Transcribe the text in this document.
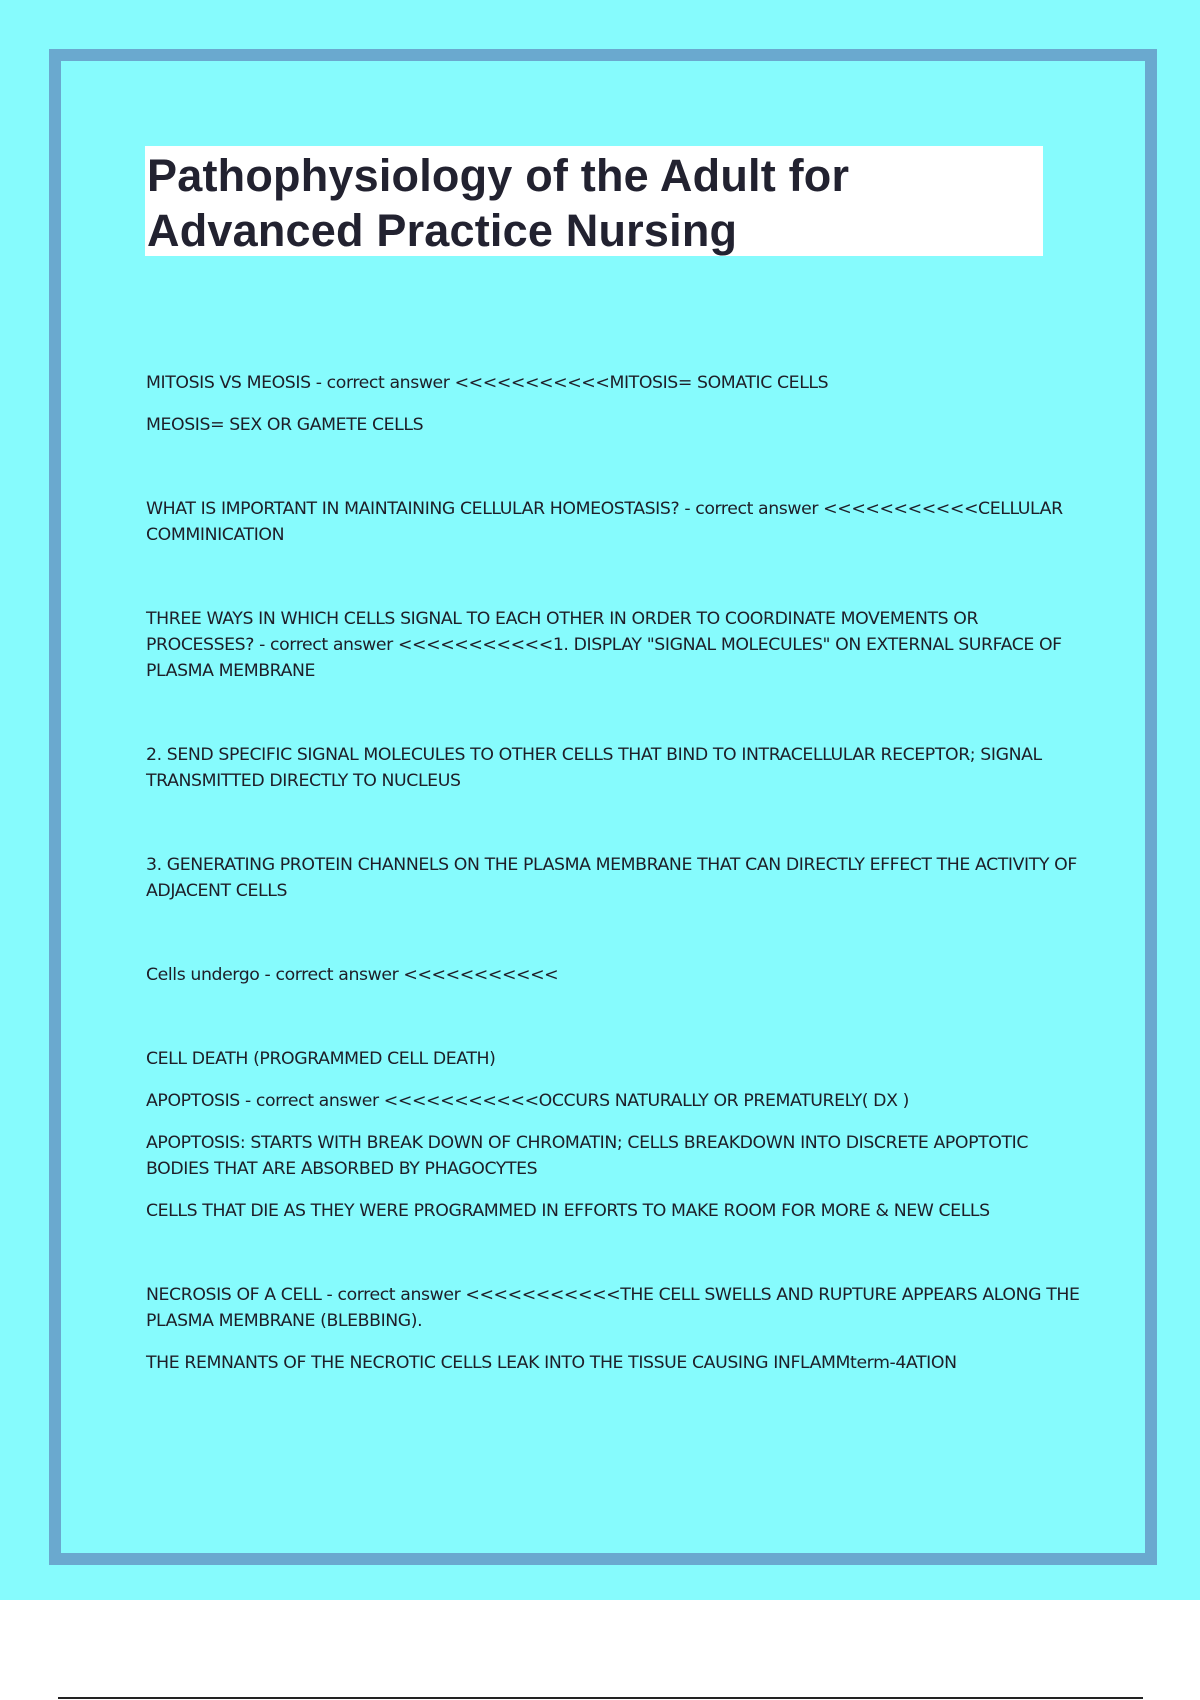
Pathophysiology of the Adult for
Advanced Practice Nursing

MITOSIS VS MEOSIS - correct answer <<<<<<<<<<<MITOSIS= SOMATIC CELLS

MEOSIS= SEX OR GAMETE CELLS

WHAT IS IMPORTANT IN MAINTAINING CELLULAR HOMEOSTASIS? - correct answer <<<<<<<<<<<CELLULAR COMMINICATION

THREE WAYS IN WHICH CELLS SIGNAL TO EACH OTHER IN ORDER TO COORDINATE MOVEMENTS OR PROCESSES? - correct answer <<<<<<<<<<<1. DISPLAY "SIGNAL MOLECULES" ON EXTERNAL SURFACE OF PLASMA MEMBRANE

2. SEND SPECIFIC SIGNAL MOLECULES TO OTHER CELLS THAT BIND TO INTRACELLULAR RECEPTOR; SIGNAL TRANSMITTED DIRECTLY TO NUCLEUS

3. GENERATING PROTEIN CHANNELS ON THE PLASMA MEMBRANE THAT CAN DIRECTLY EFFECT THE ACTIVITY OF ADJACENT CELLS

Cells undergo - correct answer <<<<<<<<<<<

CELL DEATH (PROGRAMMED CELL DEATH)

APOPTOSIS - correct answer <<<<<<<<<<<OCCURS NATURALLY OR PREMATURELY( DX )

APOPTOSIS: STARTS WITH BREAK DOWN OF CHROMATIN; CELLS BREAKDOWN INTO DISCRETE APOPTOTIC BODIES THAT ARE ABSORBED BY PHAGOCYTES

CELLS THAT DIE AS THEY WERE PROGRAMMED IN EFFORTS TO MAKE ROOM FOR MORE & NEW CELLS

NECROSIS OF A CELL - correct answer <<<<<<<<<<<THE CELL SWELLS AND RUPTURE APPEARS ALONG THE PLASMA MEMBRANE (BLEBBING).

THE REMNANTS OF THE NECROTIC CELLS LEAK INTO THE TISSUE CAUSING INFLAMMterm-4ATION
